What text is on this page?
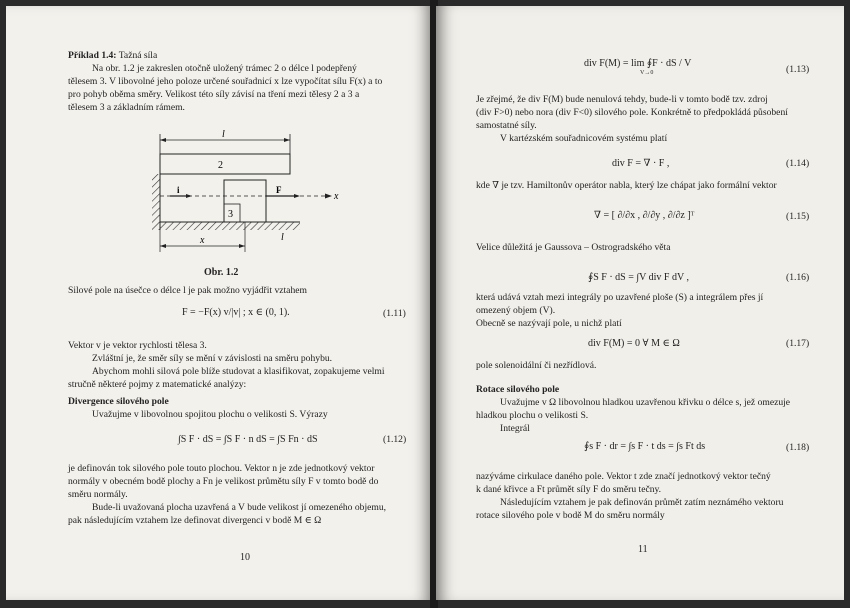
Příklad 1.4: Tažná síla
Na obr. 1.2 je zakreslen otočně uložený trámec 2 o délce l podepřený
tělesem 3. V libovolné jeho poloze určené souřadnicí x lze vypočítat sílu F(x) a to
pro pohyb oběma směry. Velikost této síly závisí na tření mezi tělesy 2 a 3 a
tělesem 3 a základním rámem.
l
2
3
x
i	F
l
x
Obr. 1.2
Silové pole na úsečce o délce l je pak možno vyjádřit vztahem
F = −F(x) v/|v| ; x ∈ (0, 1).	(1.11)
Vektor v je vektor rychlosti tělesa 3.
Zvláštní je, že směr síly se mění v závislosti na směru pohybu.
Abychom mohli silová pole blíže studovat a klasifikovat, zopakujeme velmi
stručně některé pojmy z matematické analýzy:
Divergence silového pole
Uvažujme v libovolnou spojitou plochu o velikosti S. Výrazy
∫S F · dS = ∫S F · n dS = ∫S Fn · dS	(1.12)
je definován tok silového pole touto plochou. Vektor n je zde jednotkový vektor
normály v obecném bodě plochy a Fn je velikost průmětu síly F v tomto bodě do
směru normály.
Bude-li uvažovaná plocha uzavřená a V bude velikost jí omezeného objemu,
pak následujícím vztahem lze definovat divergenci v bodě M ∈ Ω
10
div F(M) = lim ∮F · dS / V
V→0	(1.13)
Je zřejmé, že div F(M) bude nenulová tehdy, bude-li v tomto bodě tzv. zdroj
(div F>0) nebo nora (div F<0) silového pole. Konkrétně to předpokládá působení
samostatné síly.
V kartézském souřadnicovém systému platí
div F = ∇ · F ,	(1.14)
kde ∇ je tzv. Hamiltonův operátor nabla, který lze chápat jako formální vektor
∇ = [ ∂/∂x , ∂/∂y , ∂/∂z ]ᵀ	(1.15)
Velice důležitá je Gaussova – Ostrogradského věta
∮S F · dS = ∫V div F dV ,	(1.16)
která udává vztah mezi integrály po uzavřené ploše (S) a integrálem přes jí
omezený objem (V).
Obecně se nazývají pole, u nichž platí
div F(M) = 0 ∀ M ∈ Ω	(1.17)
pole solenoidální či nezřídlová.
Rotace silového pole
Uvažujme v Ω libovolnou hladkou uzavřenou křivku o délce s, jež omezuje
hladkou plochu o velikosti S.
Integrál
∮s F · dr = ∫s F · t ds = ∫s Ft ds	(1.18)
nazýváme cirkulace daného pole. Vektor t zde značí jednotkový vektor tečný
k dané křivce a Ft průmět síly F do směru tečny.
Následujícím vztahem je pak definován průmět zatím neznámého vektoru
rotace silového pole v bodě M do směru normály
11
